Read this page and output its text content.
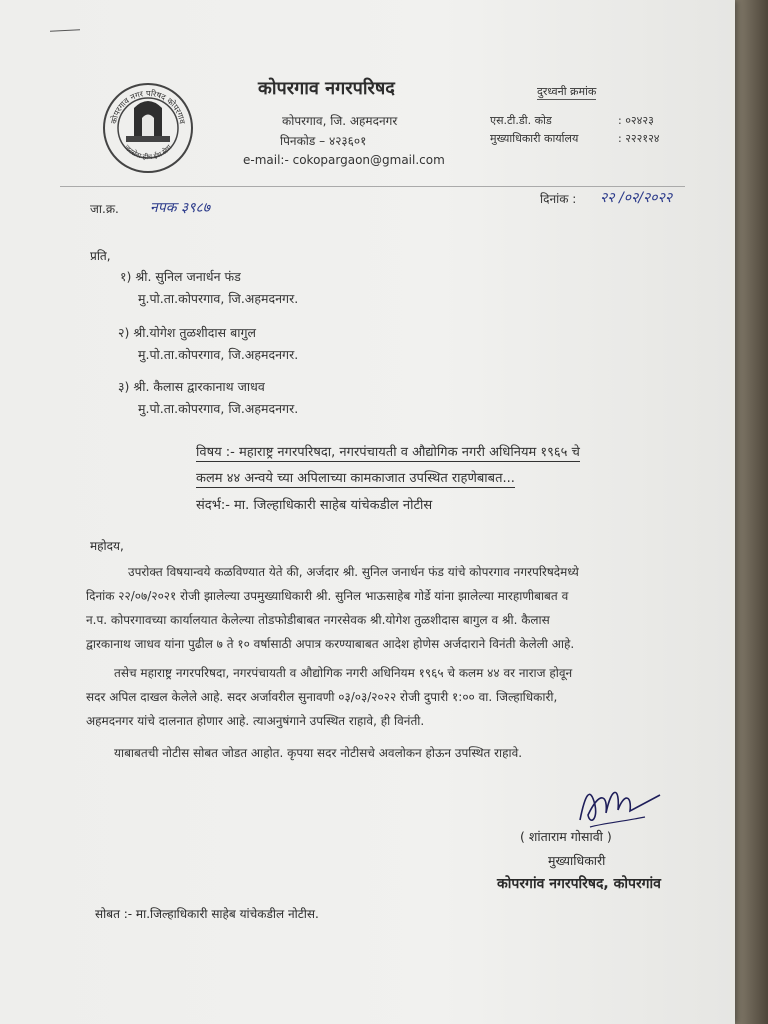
कोपरगाव नगर परिषद कोपरगाव
जनसेवा हीच ईश सेवा
कोपरगाव नगरपरिषद
कोपरगाव, जि. अहमदनगर
पिनकोड – ४२३६०१
e-mail:- cokopargaon@gmail.com
दुरध्वनी क्रमांक
एस.टी.डी. कोड	: ०२४२३
मुख्याधिकारी कार्यालय	: २२२१२४
जा.क्र. नपक ३९८७
दिनांक : २२ /०२/२०२२
प्रति,
१) श्री. सुनिल जनार्धन फंड
मु.पो.ता.कोपरगाव, जि.अहमदनगर.
२) श्री.योगेश तुळशीदास बागुल
मु.पो.ता.कोपरगाव, जि.अहमदनगर.
३) श्री. कैलास द्वारकानाथ जाधव
मु.पो.ता.कोपरगाव, जि.अहमदनगर.
विषय :- महाराष्ट्र नगरपरिषदा, नगरपंचायती व औद्योगिक नगरी अधिनियम १९६५ चे
कलम ४४ अन्वये च्या अपिलाच्या कामकाजात उपस्थित राहणेबाबत...
संदर्भ:- मा. जिल्हाधिकारी साहेब यांचेकडील नोटीस
महोदय,
उपरोक्त विषयान्वये कळविण्यात येते की, अर्जदार श्री. सुनिल जनार्धन फंड यांचे कोपरगाव नगरपरिषदेमध्ये
दिनांक २२/०७/२०२१ रोजी झालेल्या उपमुख्याधिकारी श्री. सुनिल भाऊसाहेब गोर्डे यांना झालेल्या मारहाणीबाबत व
न.प. कोपरगावच्या कार्यालयात केलेल्या तोडफोडीबाबत नगरसेवक श्री.योगेश तुळशीदास बागुल व श्री. कैलास
द्वारकानाथ जाधव यांना पुढील ७ ते १० वर्षासाठी अपात्र करण्याबाबत आदेश होणेस अर्जदाराने विनंती केलेली आहे.
तसेच महाराष्ट्र नगरपरिषदा, नगरपंचायती व औद्योगिक नगरी अधिनियम १९६५ चे कलम ४४ वर नाराज होवून
सदर अपिल दाखल केलेले आहे. सदर अर्जावरील सुनावणी ०३/०३/२०२२ रोजी दुपारी १:०० वा. जिल्हाधिकारी,
अहमदनगर यांचे दालनात होणार आहे. त्याअनुषंगाने उपस्थित राहावे, ही विनंती.
याबाबतची नोटीस सोबत जोडत आहोत. कृपया सदर नोटीसचे अवलोकन होऊन उपस्थित राहावे.
( शांताराम गोसावी )
मुख्याधिकारी
कोपरगांव नगरपरिषद, कोपरगांव
सोबत :- मा.जिल्हाधिकारी साहेब यांचेकडील नोटीस.
